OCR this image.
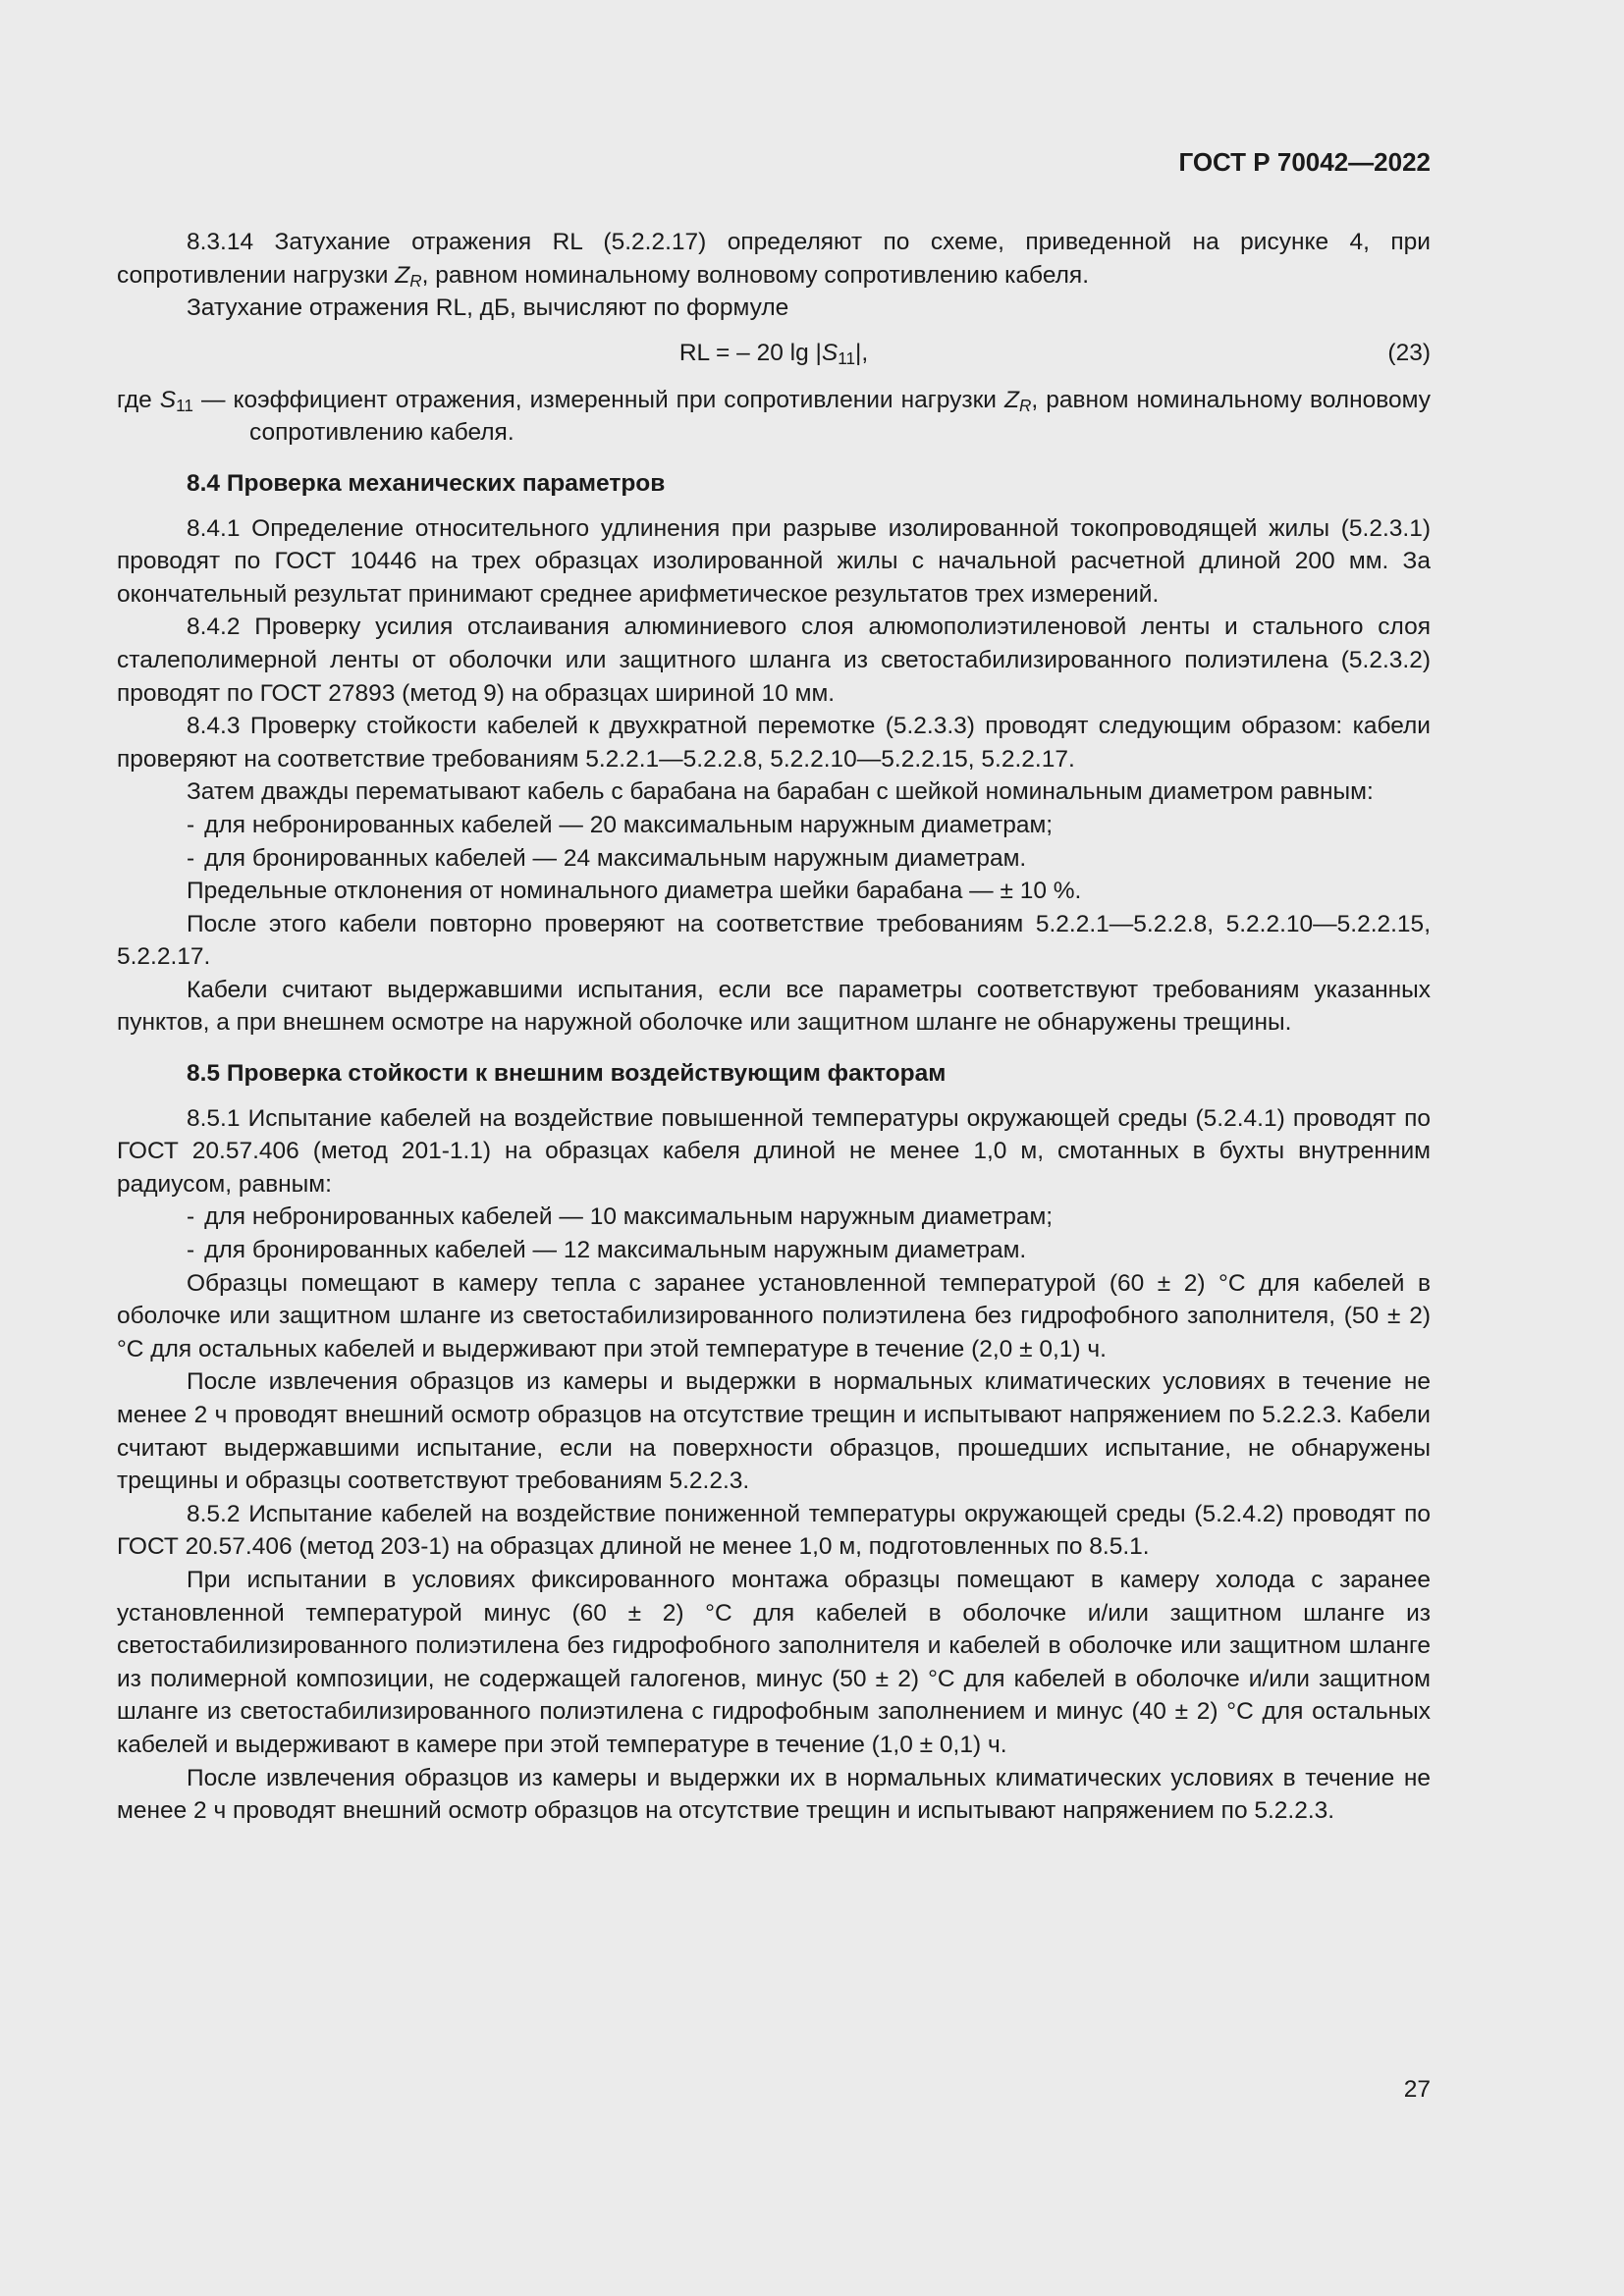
ГОСТ Р 70042—2022

8.3.14 Затухание отражения RL (5.2.2.17) определяют по схеме, приведенной на рисунке 4, при сопротивлении нагрузки $Z_R$, равном номинальному волновому сопротивлению кабеля.

Затухание отражения RL, дБ, вычисляют по формуле

RL = – 20 $\lg |S_{11}|$,	(23)

где $S_{11}$ — коэффициент отражения, измеренный при сопротивлении нагрузки $Z_R$, равном номинальному волновому сопротивлению кабеля.

8.4 Проверка механических параметров

8.4.1 Определение относительного удлинения при разрыве изолированной токопроводящей жилы (5.2.3.1) проводят по ГОСТ 10446 на трех образцах изолированной жилы с начальной расчетной длиной 200 мм. За окончательный результат принимают среднее арифметическое результатов трех измерений.

8.4.2 Проверку усилия отслаивания алюминиевого слоя алюмополиэтиленовой ленты и стального слоя сталеполимерной ленты от оболочки или защитного шланга из светостабилизированного полиэтилена (5.2.3.2) проводят по ГОСТ 27893 (метод 9) на образцах шириной 10 мм.

8.4.3 Проверку стойкости кабелей к двухкратной перемотке (5.2.3.3) проводят следующим образом: кабели проверяют на соответствие требованиям 5.2.2.1—5.2.2.8, 5.2.2.10—5.2.2.15, 5.2.2.17.

Затем дважды перематывают кабель с барабана на барабан с шейкой номинальным диаметром равным:

- для небронированных кабелей — 20 максимальным наружным диаметрам;

- для бронированных кабелей — 24 максимальным наружным диаметрам.

Предельные отклонения от номинального диаметра шейки барабана — ± 10 %.

После этого кабели повторно проверяют на соответствие требованиям 5.2.2.1—5.2.2.8, 5.2.2.10—5.2.2.15, 5.2.2.17.

Кабели считают выдержавшими испытания, если все параметры соответствуют требованиям указанных пунктов, а при внешнем осмотре на наружной оболочке или защитном шланге не обнаружены трещины.

8.5 Проверка стойкости к внешним воздействующим факторам

8.5.1 Испытание кабелей на воздействие повышенной температуры окружающей среды (5.2.4.1) проводят по ГОСТ 20.57.406 (метод 201-1.1) на образцах кабеля длиной не менее 1,0 м, смотанных в бухты внутренним радиусом, равным:

- для небронированных кабелей — 10 максимальным наружным диаметрам;

- для бронированных кабелей — 12 максимальным наружным диаметрам.

Образцы помещают в камеру тепла с заранее установленной температурой (60 ± 2) °С для кабелей в оболочке или защитном шланге из светостабилизированного полиэтилена без гидрофобного заполнителя, (50 ± 2) °С для остальных кабелей и выдерживают при этой температуре в течение (2,0 ± 0,1) ч.

После извлечения образцов из камеры и выдержки в нормальных климатических условиях в течение не менее 2 ч проводят внешний осмотр образцов на отсутствие трещин и испытывают напряжением по 5.2.2.3. Кабели считают выдержавшими испытание, если на поверхности образцов, прошедших испытание, не обнаружены трещины и образцы соответствуют требованиям 5.2.2.3.

8.5.2 Испытание кабелей на воздействие пониженной температуры окружающей среды (5.2.4.2) проводят по ГОСТ 20.57.406 (метод 203-1) на образцах длиной не менее 1,0 м, подготовленных по 8.5.1.

При испытании в условиях фиксированного монтажа образцы помещают в камеру холода с заранее установленной температурой минус (60 ± 2) °С для кабелей в оболочке и/или защитном шланге из светостабилизированного полиэтилена без гидрофобного заполнителя и кабелей в оболочке или защитном шланге из полимерной композиции, не содержащей галогенов, минус (50 ± 2) °С для кабелей в оболочке и/или защитном шланге из светостабилизированного полиэтилена с гидрофобным заполнением и минус (40 ± 2) °С для остальных кабелей и выдерживают в камере при этой температуре в течение (1,0 ± 0,1) ч.

После извлечения образцов из камеры и выдержки их в нормальных климатических условиях в течение не менее 2 ч проводят внешний осмотр образцов на отсутствие трещин и испытывают напряжением по 5.2.2.3.

27
